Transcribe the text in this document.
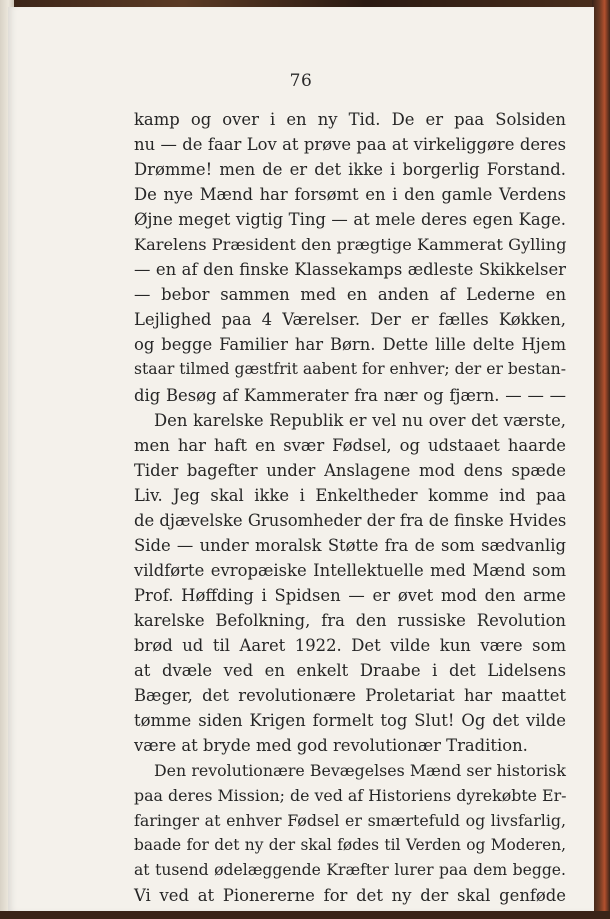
76
kamp og over i en ny Tid. De er paa Solsiden
nu — de faar Lov at prøve paa at virkeliggøre deres
Drømme! men de er det ikke i borgerlig Forstand.
De nye Mænd har forsømt en i den gamle Verdens
Øjne meget vigtig Ting — at mele deres egen Kage.
Karelens Præsident den prægtige Kammerat Gylling
— en af den finske Klassekamps ædleste Skikkelser
— bebor sammen med en anden af Lederne en
Lejlighed paa 4 Værelser. Der er fælles Køkken,
og begge Familier har Børn. Dette lille delte Hjem
staar tilmed gæstfrit aabent for enhver; der er bestan-
dig Besøg af Kammerater fra nær og fjærn. — — —
Den karelske Republik er vel nu over det værste,
men har haft en svær Fødsel, og udstaaet haarde
Tider bagefter under Anslagene mod dens spæde
Liv. Jeg skal ikke i Enkeltheder komme ind paa
de djævelske Grusomheder der fra de finske Hvides
Side — under moralsk Støtte fra de som sædvanlig
vildførte evropæiske Intellektuelle med Mænd som
Prof. Høffding i Spidsen — er øvet mod den arme
karelske Befolkning, fra den russiske Revolution
brød ud til Aaret 1922. Det vilde kun være som
at dvæle ved en enkelt Draabe i det Lidelsens
Bæger, det revolutionære Proletariat har maattet
tømme siden Krigen formelt tog Slut! Og det vilde
være at bryde med god revolutionær Tradition.
Den revolutionære Bevægelses Mænd ser historisk
paa deres Mission; de ved af Historiens dyrekøbte Er-
faringer at enhver Fødsel er smærtefuld og livsfarlig,
baade for det ny der skal fødes til Verden og Moderen,
at tusend ødelæggende Kræfter lurer paa dem begge.
Vi ved at Pionererne for det ny der skal genføde
